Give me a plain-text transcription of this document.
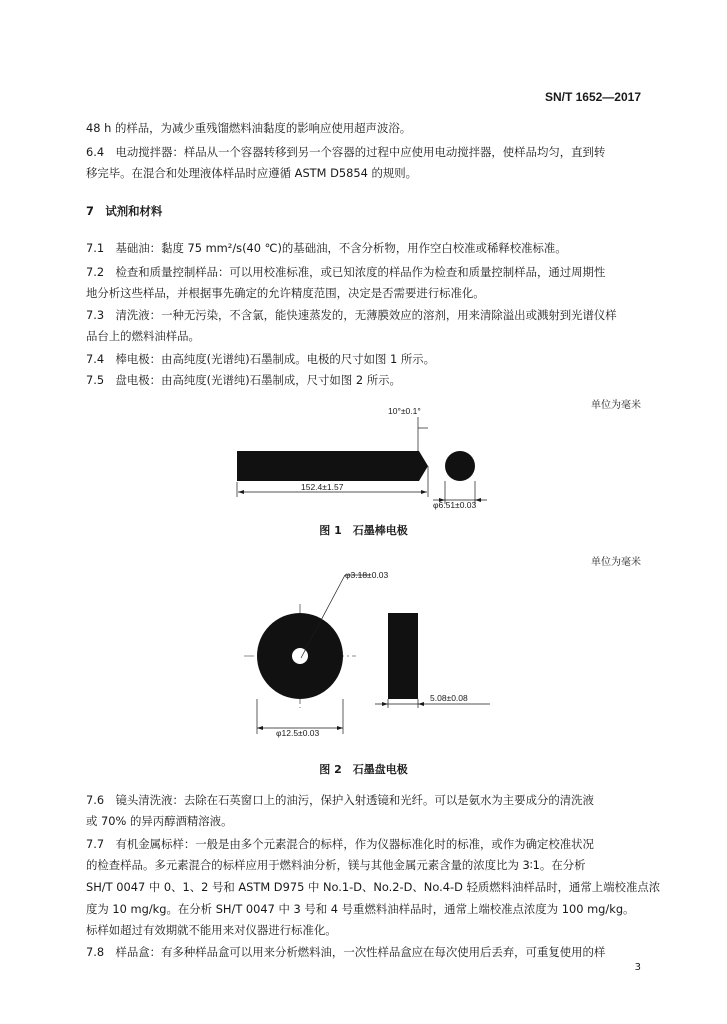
SN/T 1652—2017
48 h 的样品，为减少重残馏燃料油黏度的影响应使用超声波浴。
6.4　电动搅拌器：样品从一个容器转移到另一个容器的过程中应使用电动搅拌器，使样品均匀，直到转
移完毕。在混合和处理液体样品时应遵循 ASTM D5854 的规则。
7　试剂和材料
7.1　基础油：黏度 75 mm²/s(40 ℃)的基础油，不含分析物，用作空白校准或稀释校准标准。
7.2　检查和质量控制样品：可以用校准标准，或已知浓度的样品作为检查和质量控制样品，通过周期性
地分析这些样品，并根据事先确定的允许精度范围，决定是否需要进行标准化。
7.3　清洗液：一种无污染，不含氯，能快速蒸发的，无薄膜效应的溶剂，用来清除溢出或溅射到光谱仪样
品台上的燃料油样品。
7.4　棒电极：由高纯度(光谱纯)石墨制成。电极的尺寸如图 1 所示。
7.5　盘电极：由高纯度(光谱纯)石墨制成，尺寸如图 2 所示。
单位为毫米
单位为毫米
10°±0.1°
152.4±1.57
φ6.51±0.03
φ3.18±0.03
φ12.5±0.03
5.08±0.08
图 1　石墨棒电极
图 2　石墨盘电极
7.6　镜头清洗液：去除在石英窗口上的油污，保护入射透镜和光纤。可以是氨水为主要成分的清洗液
或 70% 的异丙醇酒精溶液。
7.7　有机金属标样：一般是由多个元素混合的标样，作为仪器标准化时的标准，或作为确定校准状况
的检查样品。多元素混合的标样应用于燃料油分析，镁与其他金属元素含量的浓度比为 3∶1。在分析
SH/T 0047 中 0、1、2 号和 ASTM D975 中 No.1-D、No.2-D、No.4-D 轻质燃料油样品时，通常上端校准点浓
度为 10 mg/kg。在分析 SH/T 0047 中 3 号和 4 号重燃料油样品时，通常上端校准点浓度为 100 mg/kg。
标样如超过有效期就不能用来对仪器进行标准化。
7.8　样品盒：有多种样品盒可以用来分析燃料油，一次性样品盒应在每次使用后丢弃，可重复使用的样
3
